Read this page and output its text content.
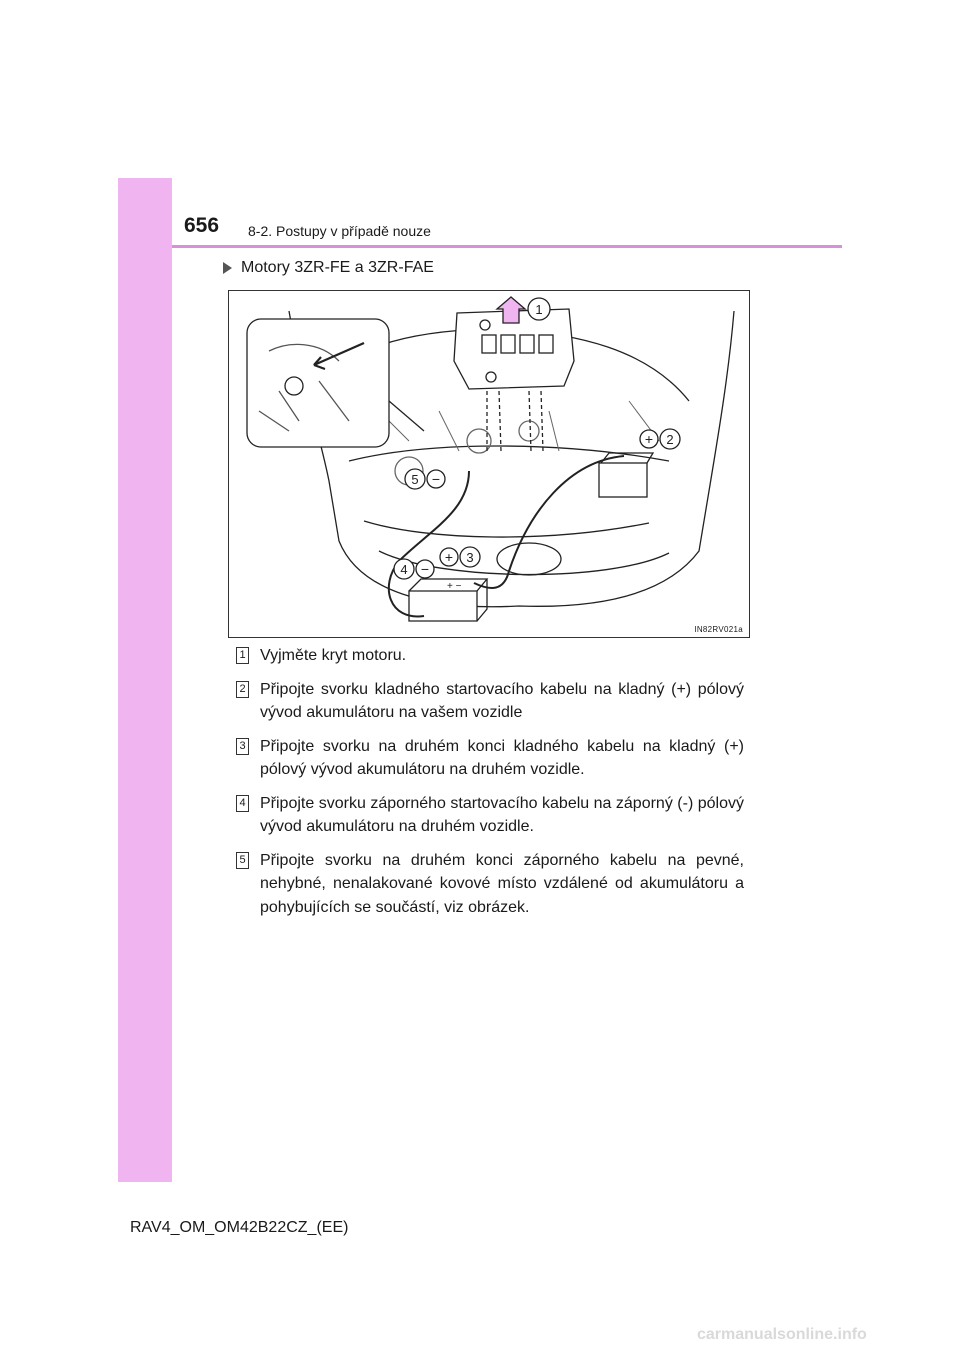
656 8-2. Postupy v případě nouze
Motory 3ZR-FE a 3ZR-FAE
+ −
1
+ 2
+ 3
4 −
5 −
IN82RV021a
1 Vyjměte kryt motoru.
2 Připojte svorku kladného startovacího kabelu na kladný (+) pólový vývod akumulátoru na vašem vozidle
3 Připojte svorku na druhém konci kladného kabelu na kladný (+) pólový vývod akumulátoru na druhém vozidle.
4 Připojte svorku záporného startovacího kabelu na záporný (-) pólový vývod akumulátoru na druhém vozidle.
5 Připojte svorku na druhém konci záporného kabelu na pevné, nehybné, nenalakované kovové místo vzdálené od akumulátoru a pohybujících se součástí, viz obrázek.
RAV4_OM_OM42B22CZ_(EE)
carmanualsonline.info
